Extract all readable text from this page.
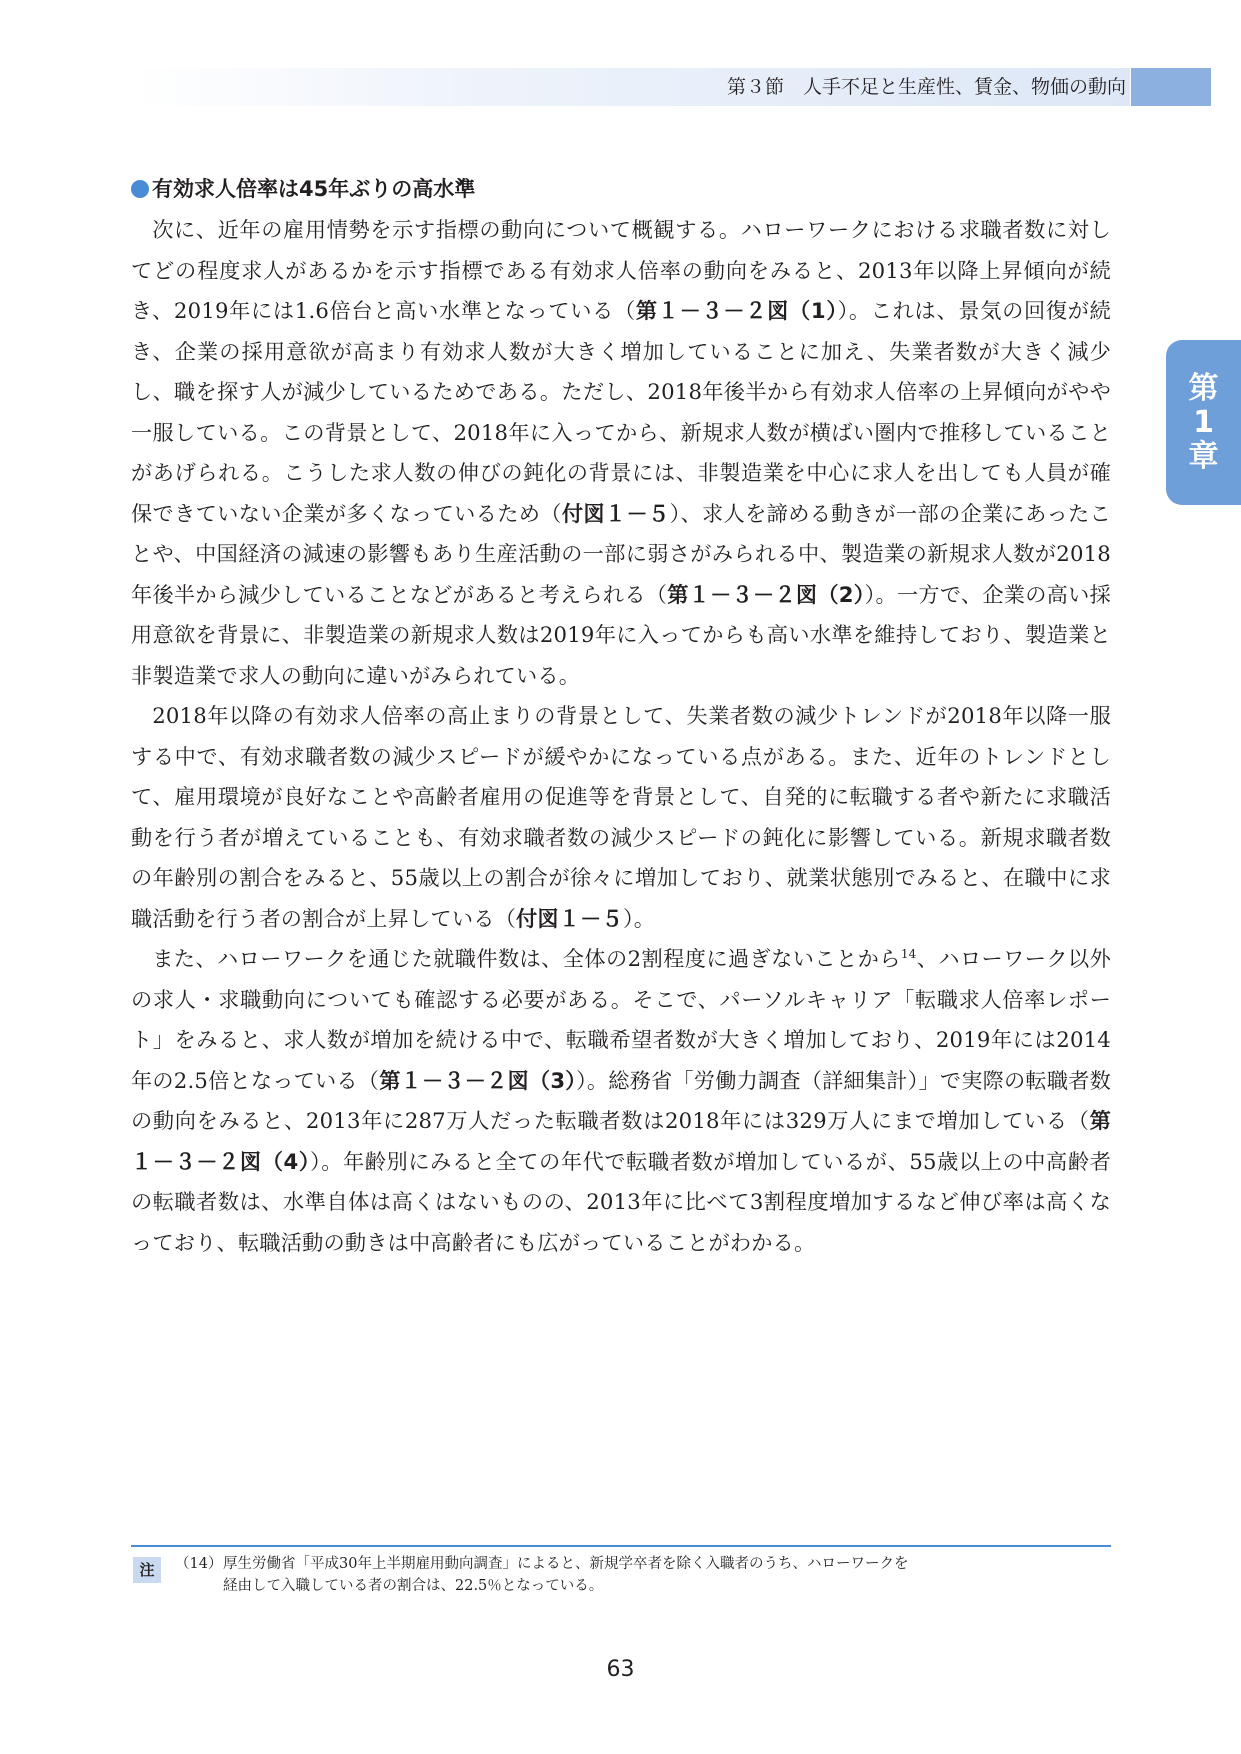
第３節　人手不足と生産性、賃金、物価の動向
第
1
章
有効求人倍率は45年ぶりの高水準

次に、近年の雇用情勢を示す指標の動向について概観する。ハローワークにおける求職者数に対してどの程度求人があるかを示す指標である有効求人倍率の動向をみると、2013年以降上昇傾向が続き、2019年には1.6倍台と高い水準となっている（第１－３－２図（1））。これは、景気の回復が続き、企業の採用意欲が高まり有効求人数が大きく増加していることに加え、失業者数が大きく減少し、職を探す人が減少しているためである。ただし、2018年後半から有効求人倍率の上昇傾向がやや一服している。この背景として、2018年に入ってから、新規求人数が横ばい圏内で推移していることがあげられる。こうした求人数の伸びの鈍化の背景には、非製造業を中心に求人を出しても人員が確保できていない企業が多くなっているため（付図１－５）、求人を諦める動きが一部の企業にあったことや、中国経済の減速の影響もあり生産活動の一部に弱さがみられる中、製造業の新規求人数が2018年後半から減少していることなどがあると考えられる（第１－３－２図（2））。一方で、企業の高い採用意欲を背景に、非製造業の新規求人数は2019年に入ってからも高い水準を維持しており、製造業と非製造業で求人の動向に違いがみられている。

2018年以降の有効求人倍率の高止まりの背景として、失業者数の減少トレンドが2018年以降一服する中で、有効求職者数の減少スピードが緩やかになっている点がある。また、近年のトレンドとして、雇用環境が良好なことや高齢者雇用の促進等を背景として、自発的に転職する者や新たに求職活動を行う者が増えていることも、有効求職者数の減少スピードの鈍化に影響している。新規求職者数の年齢別の割合をみると、55歳以上の割合が徐々に増加しており、就業状態別でみると、在職中に求職活動を行う者の割合が上昇している（付図１－５）。

また、ハローワークを通じた就職件数は、全体の2割程度に過ぎないことから$^{14}$、ハローワーク以外の求人・求職動向についても確認する必要がある。そこで、パーソルキャリア「転職求人倍率レポート」をみると、求人数が増加を続ける中で、転職希望者数が大きく増加しており、2019年には2014年の2.5倍となっている（第１－３－２図（3））。総務省「労働力調査（詳細集計）」で実際の転職者数の動向をみると、2013年に287万人だった転職者数は2018年には329万人にまで増加している（第１－３－２図（4））。年齢別にみると全ての年代で転職者数が増加しているが、55歳以上の中高齢者の転職者数は、水準自体は高くはないものの、2013年に比べて3割程度増加するなど伸び率は高くなっており、転職活動の動きは中高齢者にも広がっていることがわかる。

注	（14）厚生労働省「平成30年上半期雇用動向調査」によると、新規学卒者を除く入職者のうち、ハローワークを
経由して入職している者の割合は、22.5％となっている。
63
